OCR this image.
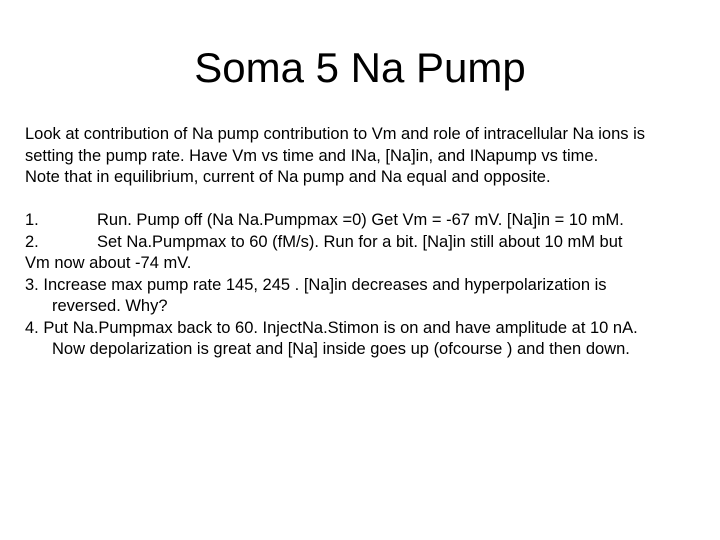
Soma 5 Na Pump
Look at contribution of Na pump contribution to Vm and role of intracellular Na ions is
setting the pump rate. Have Vm vs time and INa, [Na]in, and INapump vs time.
Note that in equilibrium, current of Na pump and Na equal and opposite.
1.	Run. Pump off (Na Na.Pumpmax =0) Get Vm = -67 mV. [Na]in = 10 mM.
2.	Set Na.Pumpmax to 60 (fM/s). Run for a bit. [Na]in still about 10 mM but
Vm now about -74 mV.
3. Increase max pump rate 145, 245 . [Na]in decreases and hyperpolarization is
reversed. Why?
4. Put Na.Pumpmax back to 60. InjectNa.Stimon is on and have amplitude at 10 nA.
Now depolarization is great and [Na] inside goes up (ofcourse ) and then down.
